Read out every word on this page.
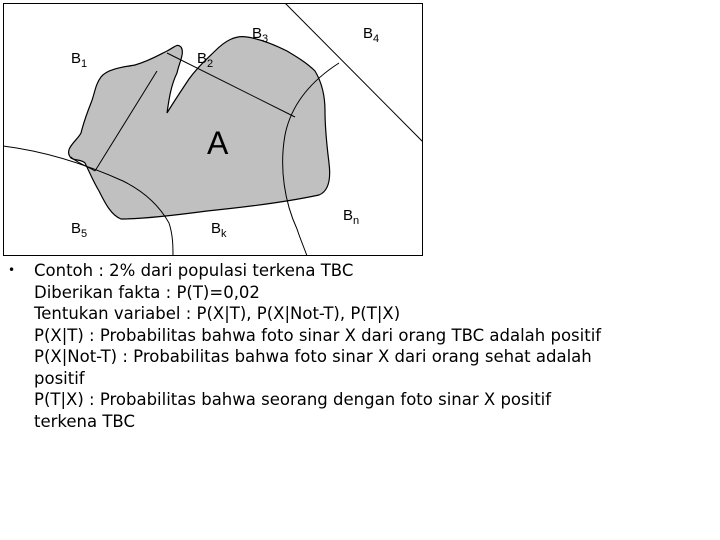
A
$B_1$	$B_2$
$B_3$	$B_4$
$B_5$	$B_k$
$B_n$
•	Contoh : 2% dari populasi terkena TBC
Diberikan fakta : P(T)=0,02
Tentukan variabel : P(X|T), P(X|Not-T), P(T|X)
P(X|T) : Probabilitas bahwa foto sinar X dari orang TBC adalah positif
P(X|Not-T) : Probabilitas bahwa foto sinar X dari orang sehat adalah
positif
P(T|X) : Probabilitas bahwa seorang dengan foto sinar X positif
terkena TBC
